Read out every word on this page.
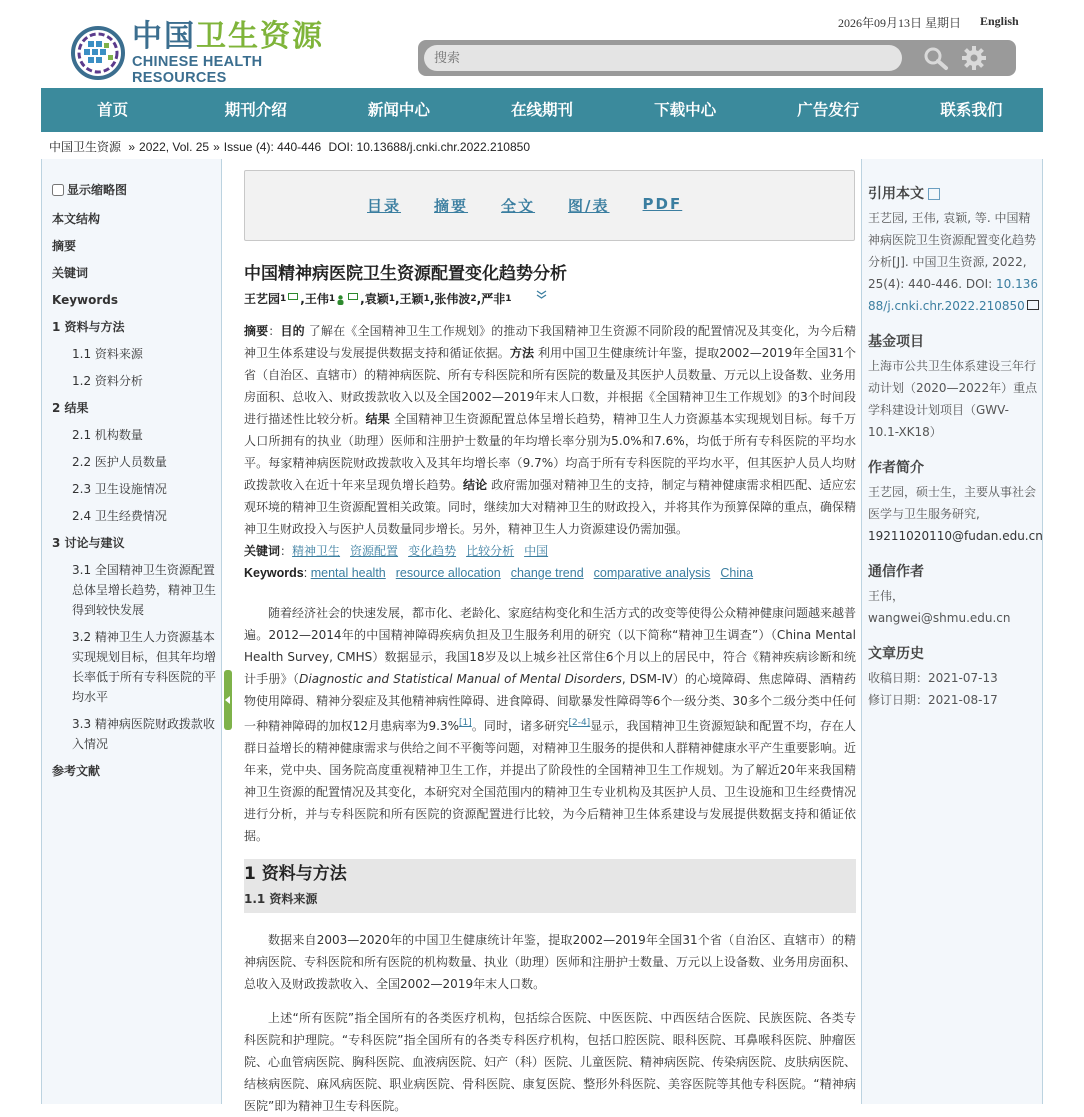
中国卫生资源
CHINESE HEALTH RESOURCES
2026年09月13日 星期日 English
搜索
首页	期刊介绍	新闻中心	在线期刊	下载中心	广告发行	联系我们
中国卫生资源 » 2022, Vol. 25 » Issue (4): 440-446 DOI: 10.13688/j.cnki.chr.2022.210850
显示缩略图
本文结构
摘要
关键词
Keywords
1 资料与方法
1.1 资料来源
1.2 资料分析
2 结果
2.1 机构数量
2.2 医护人员数量
2.3 卫生设施情况
2.4 卫生经费情况
3 讨论与建议
3.1 全国精神卫生资源配置总体呈增长趋势，精神卫生得到较快发展
3.2 精神卫生人力资源基本实现规划目标，但其年均增长率低于所有专科医院的平均水平
3.3 精神病医院财政拨款收入情况
参考文献
目录 摘要 全文 图/表 PDF
中国精神病医院卫生资源配置变化趋势分析
王艺园 1 , 王伟 1 , 袁颖 1 , 王颖 1 , 张伟波 2 , 严非 1
摘要：目的 了解在《全国精神卫生工作规划》的推动下我国精神卫生资源不同阶段的配置情况及其变化，为今后精神卫生体系建设与发展提供数据支持和循证依据。方法 利用中国卫生健康统计年鉴，提取2002—2019年全国31个省（自治区、直辖市）的精神病医院、所有专科医院和所有医院的数量及其医护人员数量、万元以上设备数、业务用房面积、总收入、财政拨款收入以及全国2002—2019年末人口数，并根据《全国精神卫生工作规划》的3个时间段进行描述性比较分析。结果 全国精神卫生资源配置总体呈增长趋势，精神卫生人力资源基本实现规划目标。每千万人口所拥有的执业（助理）医师和注册护士数量的年均增长率分别为5.0%和7.6%，均低于所有专科医院的平均水平。每家精神病医院财政拨款收入及其年均增长率（9.7%）均高于所有专科医院的平均水平，但其医护人员人均财政拨款收入在近十年来呈现负增长趋势。结论 政府需加强对精神卫生的支持，制定与精神健康需求相匹配、适应宏观环境的精神卫生资源配置相关政策。同时，继续加大对精神卫生的财政投入，并将其作为预算保障的重点，确保精神卫生财政投入与医护人员数量同步增长。另外，精神卫生人力资源建设仍需加强。
关键词：精神卫生 资源配置 变化趋势 比较分析 中国
Keywords: mental health resource allocation change trend comparative analysis China
随着经济社会的快速发展，都市化、老龄化、家庭结构变化和生活方式的改变等使得公众精神健康问题越来越普遍。2012—2014年的中国精神障碍疾病负担及卫生服务利用的研究（以下简称“精神卫生调查”）（China Mental Health Survey, CMHS）数据显示，我国18岁及以上城乡社区常住6个月以上的居民中，符合《精神疾病诊断和统计手册》（Diagnostic and Statistical Manual of Mental Disorders, DSM-Ⅳ）的心境障碍、焦虑障碍、酒精药物使用障碍、精神分裂症及其他精神病性障碍、进食障碍、间歇暴发性障碍等6个一级分类、30多个二级分类中任何一种精神障碍的加权12月患病率为9.3%[1]。同时，诸多研究[2-4]显示，我国精神卫生资源短缺和配置不均，存在人群日益增长的精神健康需求与供给之间不平衡等问题，对精神卫生服务的提供和人群精神健康水平产生重要影响。近年来，党中央、国务院高度重视精神卫生工作，并提出了阶段性的全国精神卫生工作规划。为了解近20年来我国精神卫生资源的配置情况及其变化，本研究对全国范围内的精神卫生专业机构及其医护人员、卫生设施和卫生经费情况进行分析，并与专科医院和所有医院的资源配置进行比较，为今后精神卫生体系建设与发展提供数据支持和循证依据。
1 资料与方法
1.1 资料来源
数据来自2003—2020年的中国卫生健康统计年鉴，提取2002—2019年全国31个省（自治区、直辖市）的精神病医院、专科医院和所有医院的机构数量、执业（助理）医师和注册护士数量、万元以上设备数、业务用房面积、总收入及财政拨款收入、全国2002—2019年末人口数。
上述“所有医院”指全国所有的各类医疗机构，包括综合医院、中医医院、中西医结合医院、民族医院、各类专科医院和护理院。“专科医院”指全国所有的各类专科医疗机构，包括口腔医院、眼科医院、耳鼻喉科医院、肿瘤医院、心血管病医院、胸科医院、血液病医院、妇产（科）医院、儿童医院、精神病医院、传染病医院、皮肤病医院、结核病医院、麻风病医院、职业病医院、骨科医院、康复医院、整形外科医院、美容医院等其他专科医院。“精神病医院”即为精神卫生专科医院。
引用本文
王艺园, 王伟, 袁颖, 等. 中国精神病医院卫生资源配置变化趋势分析[J]. 中国卫生资源, 2022, 25(4): 440-446. DOI: 10.13688/j.cnki.chr.2022.210850
基金项目
上海市公共卫生体系建设三年行动计划（2020—2022年）重点学科建设计划项目（GWV-10.1-XK18）
作者简介
王艺园，硕士生，主要从事社会医学与卫生服务研究,
19211020110@fudan.edu.cn
通信作者
王伟，wangwei@shmu.edu.cn
文章历史
收稿日期：2021-07-13
修订日期：2021-08-17
